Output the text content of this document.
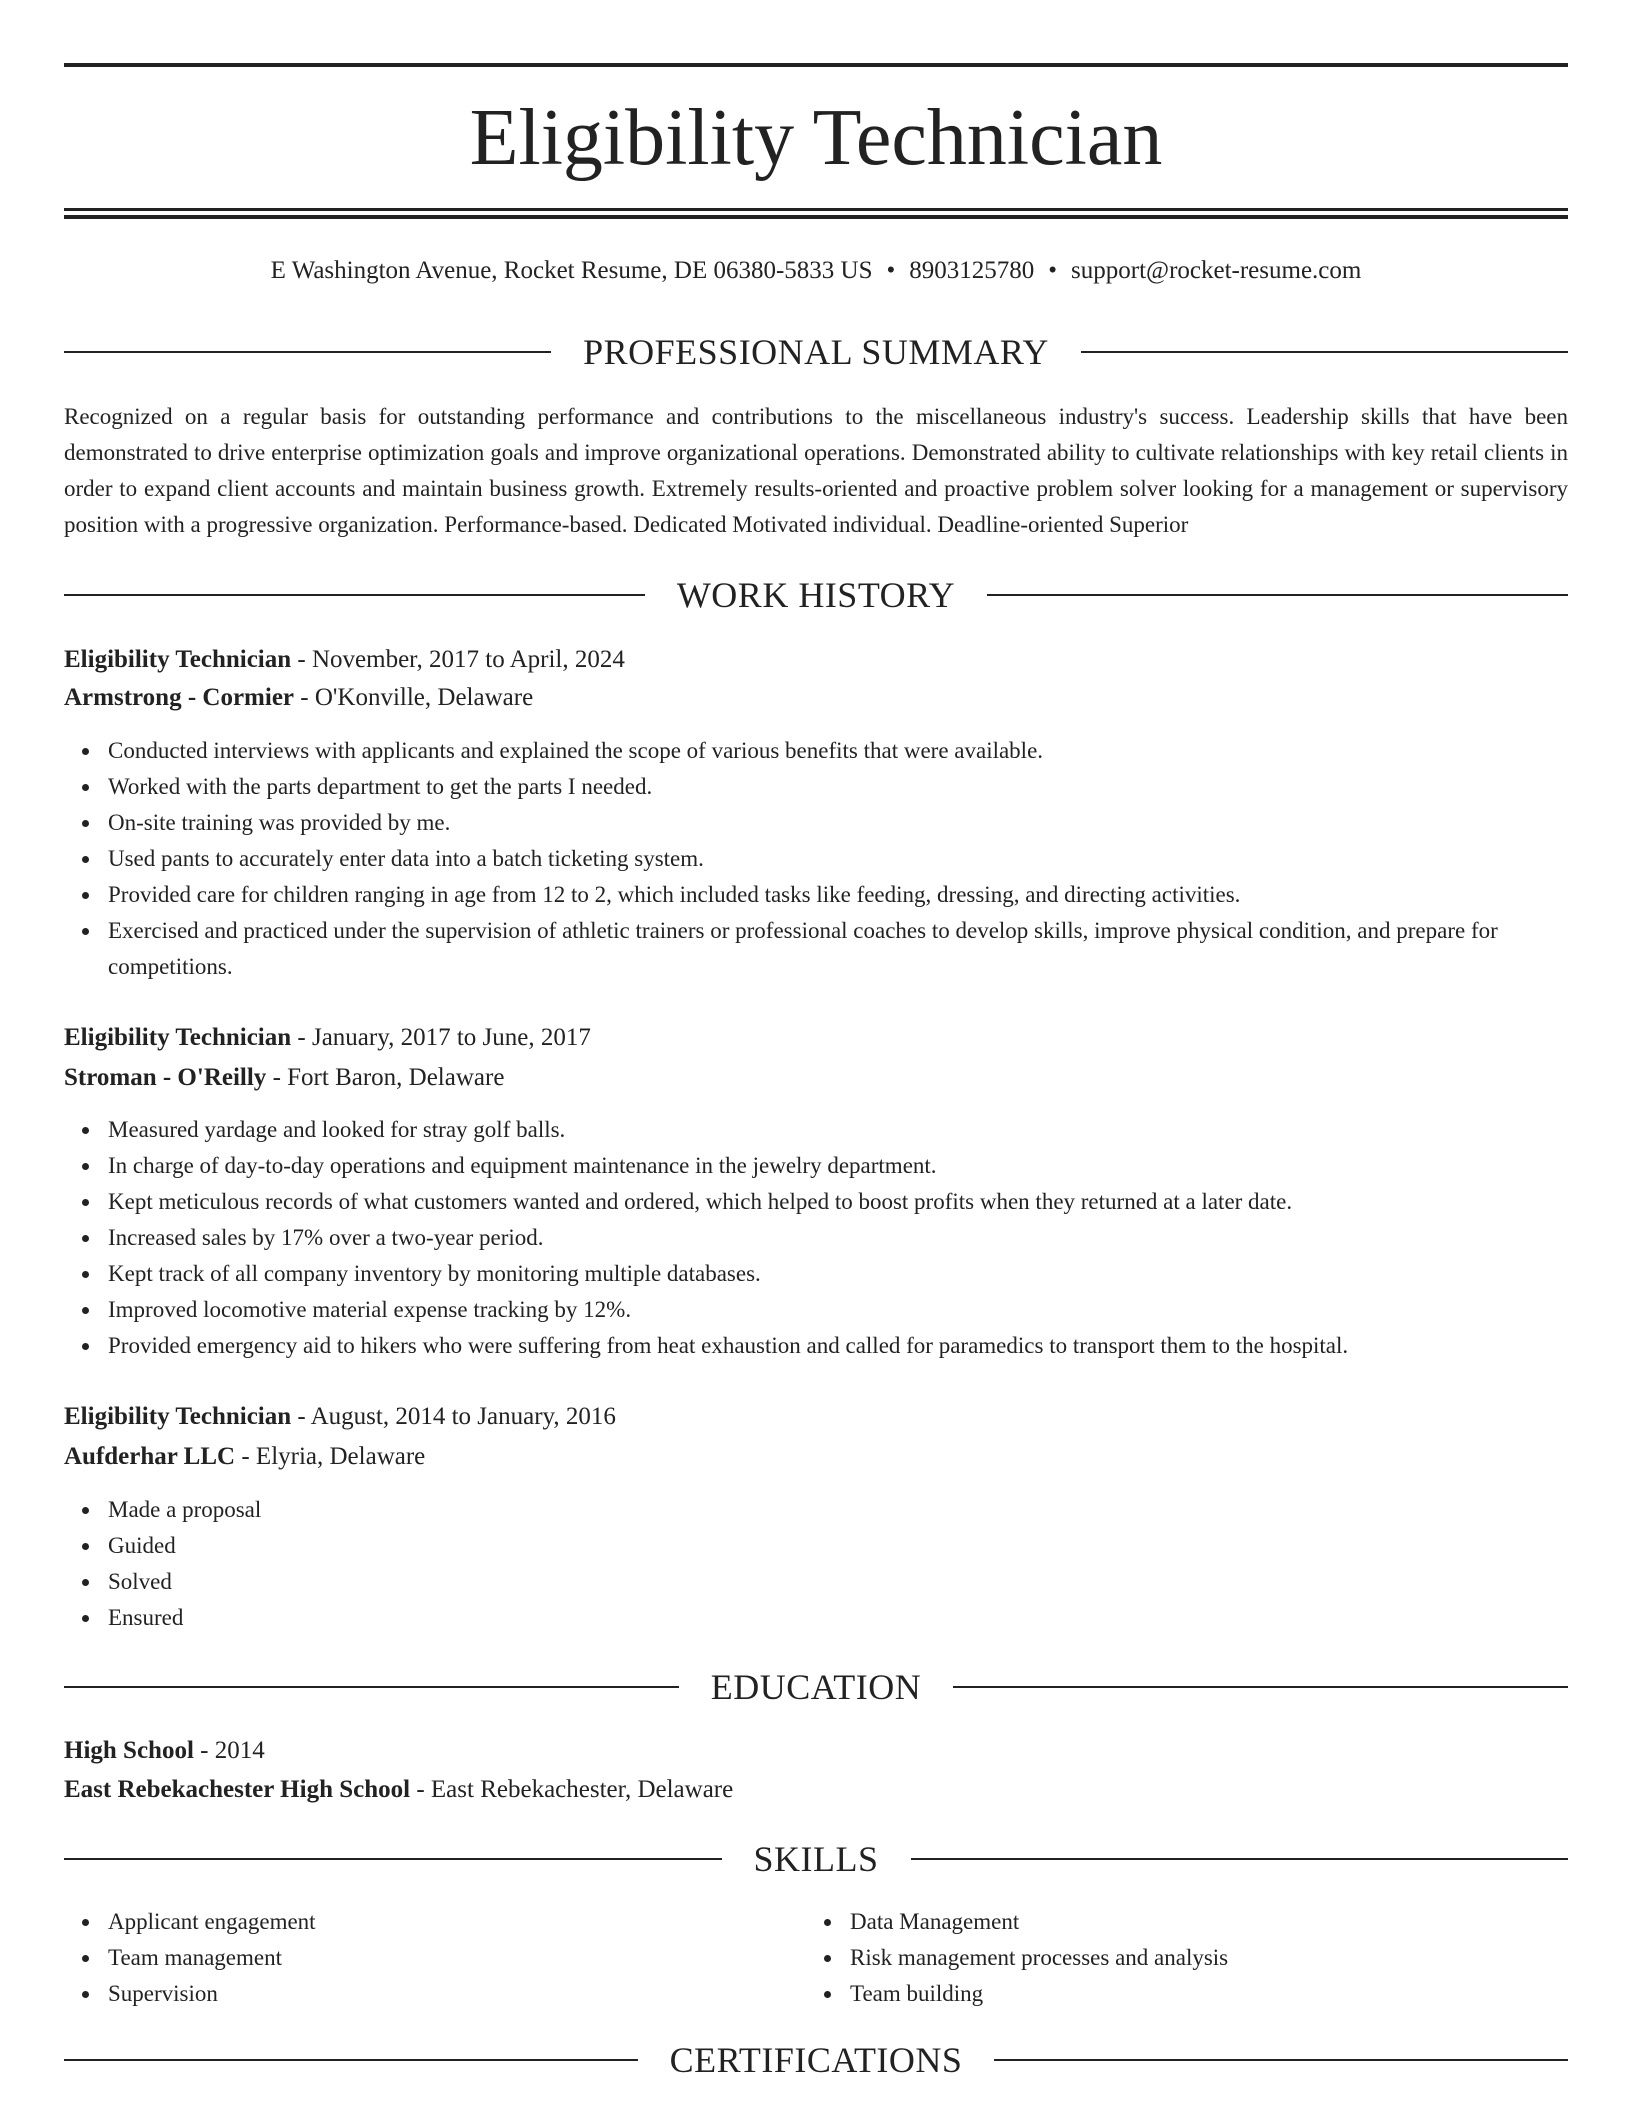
Eligibility Technician
E Washington Avenue, Rocket Resume, DE 06380-5833 US • 8903125780 • support@rocket-resume.com
PROFESSIONAL SUMMARY

Recognized on a regular basis for outstanding performance and contributions to the miscellaneous industry's success. Leadership skills that have been demonstrated to drive enterprise optimization goals and improve organizational operations. Demonstrated ability to cultivate relationships with key retail clients in order to expand client accounts and maintain business growth. Extremely results-oriented and proactive problem solver looking for a management or supervisory position with a progressive organization. Performance-based. Dedicated Motivated individual. Deadline-oriented Superior

WORK HISTORY
Eligibility Technician - November, 2017 to April, 2024
Armstrong - Cormier - O'Konville, Delaware
Conducted interviews with applicants and explained the scope of various benefits that were available.
Worked with the parts department to get the parts I needed.
On-site training was provided by me.
Used pants to accurately enter data into a batch ticketing system.
Provided care for children ranging in age from 12 to 2, which included tasks like feeding, dressing, and directing activities.
Exercised and practiced under the supervision of athletic trainers or professional coaches to develop skills, improve physical condition, and prepare for competitions.
Eligibility Technician - January, 2017 to June, 2017
Stroman - O'Reilly - Fort Baron, Delaware
Measured yardage and looked for stray golf balls.
In charge of day-to-day operations and equipment maintenance in the jewelry department.
Kept meticulous records of what customers wanted and ordered, which helped to boost profits when they returned at a later date.
Increased sales by 17% over a two-year period.
Kept track of all company inventory by monitoring multiple databases.
Improved locomotive material expense tracking by 12%.
Provided emergency aid to hikers who were suffering from heat exhaustion and called for paramedics to transport them to the hospital.
Eligibility Technician - August, 2014 to January, 2016
Aufderhar LLC - Elyria, Delaware
Made a proposal
Guided
Solved
Ensured
EDUCATION
High School - 2014
East Rebekachester High School - East Rebekachester, Delaware
SKILLS
Applicant engagement
Team management
Supervision
Data Management
Risk management processes and analysis
Team building
CERTIFICATIONS
